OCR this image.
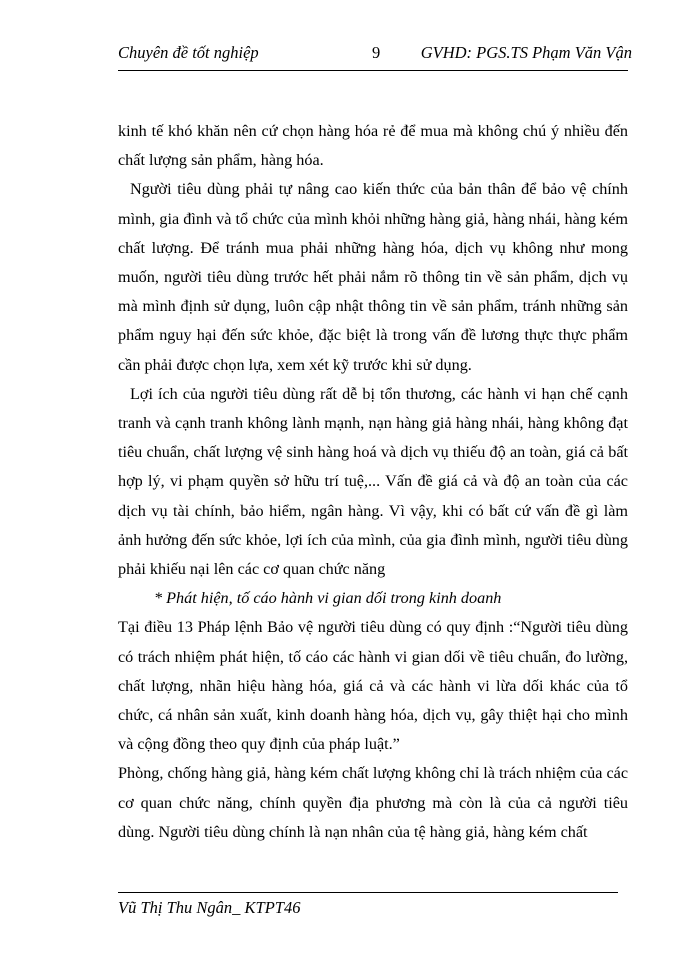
Chuyên đề tốt nghiệp	9 GVHD: PGS.TS Phạm Văn Vận

kinh tế khó khăn nên cứ chọn hàng hóa rẻ để mua mà không chú ý nhiều đến chất lượng sản phẩm, hàng hóa.

Người tiêu dùng phải tự nâng cao kiến thức của bản thân để bảo vệ chính mình, gia đình và tổ chức của mình khỏi những hàng giả, hàng nhái, hàng kém chất lượng. Để tránh mua phải những hàng hóa, dịch vụ không như mong muốn, người tiêu dùng trước hết phải nắm rõ thông tin về sản phẩm, dịch vụ mà mình định sử dụng, luôn cập nhật thông tin về sản phẩm, tránh những sản phẩm nguy hại đến sức khỏe, đặc biệt là trong vấn đề lương thực thực phẩm cần phải được chọn lựa, xem xét kỹ trước khi sử dụng.

Lợi ích của người tiêu dùng rất dễ bị tổn thương, các hành vi hạn chế cạnh tranh và cạnh tranh không lành mạnh, nạn hàng giả hàng nhái, hàng không đạt tiêu chuẩn, chất lượng vệ sinh hàng hoá và dịch vụ thiếu độ an toàn, giá cả bất hợp lý, vi phạm quyền sở hữu trí tuệ,... Vấn đề giá cả và độ an toàn của các dịch vụ tài chính, bảo hiểm, ngân hàng. Vì vậy, khi có bất cứ vấn đề gì làm ảnh hưởng đến sức khỏe, lợi ích của mình, của gia đình mình, người tiêu dùng phải khiếu nại lên các cơ quan chức năng

* Phát hiện, tố cáo hành vi gian dối trong kinh doanh

Tại điều 13 Pháp lệnh Bảo vệ người tiêu dùng có quy định :“Người tiêu dùng có trách nhiệm phát hiện, tố cáo các hành vi gian dối về tiêu chuẩn, đo lường, chất lượng, nhãn hiệu hàng hóa, giá cả và các hành vi lừa dối khác của tổ chức, cá nhân sản xuất, kinh doanh hàng hóa, dịch vụ, gây thiệt hại cho mình và cộng đồng theo quy định của pháp luật.”

Phòng, chống hàng giả, hàng kém chất lượng không chỉ là trách nhiệm của các cơ quan chức năng, chính quyền địa phương mà còn là của cả người tiêu dùng. Người tiêu dùng chính là nạn nhân của tệ hàng giả, hàng kém chất

Vũ Thị Thu Ngân_ KTPT46
